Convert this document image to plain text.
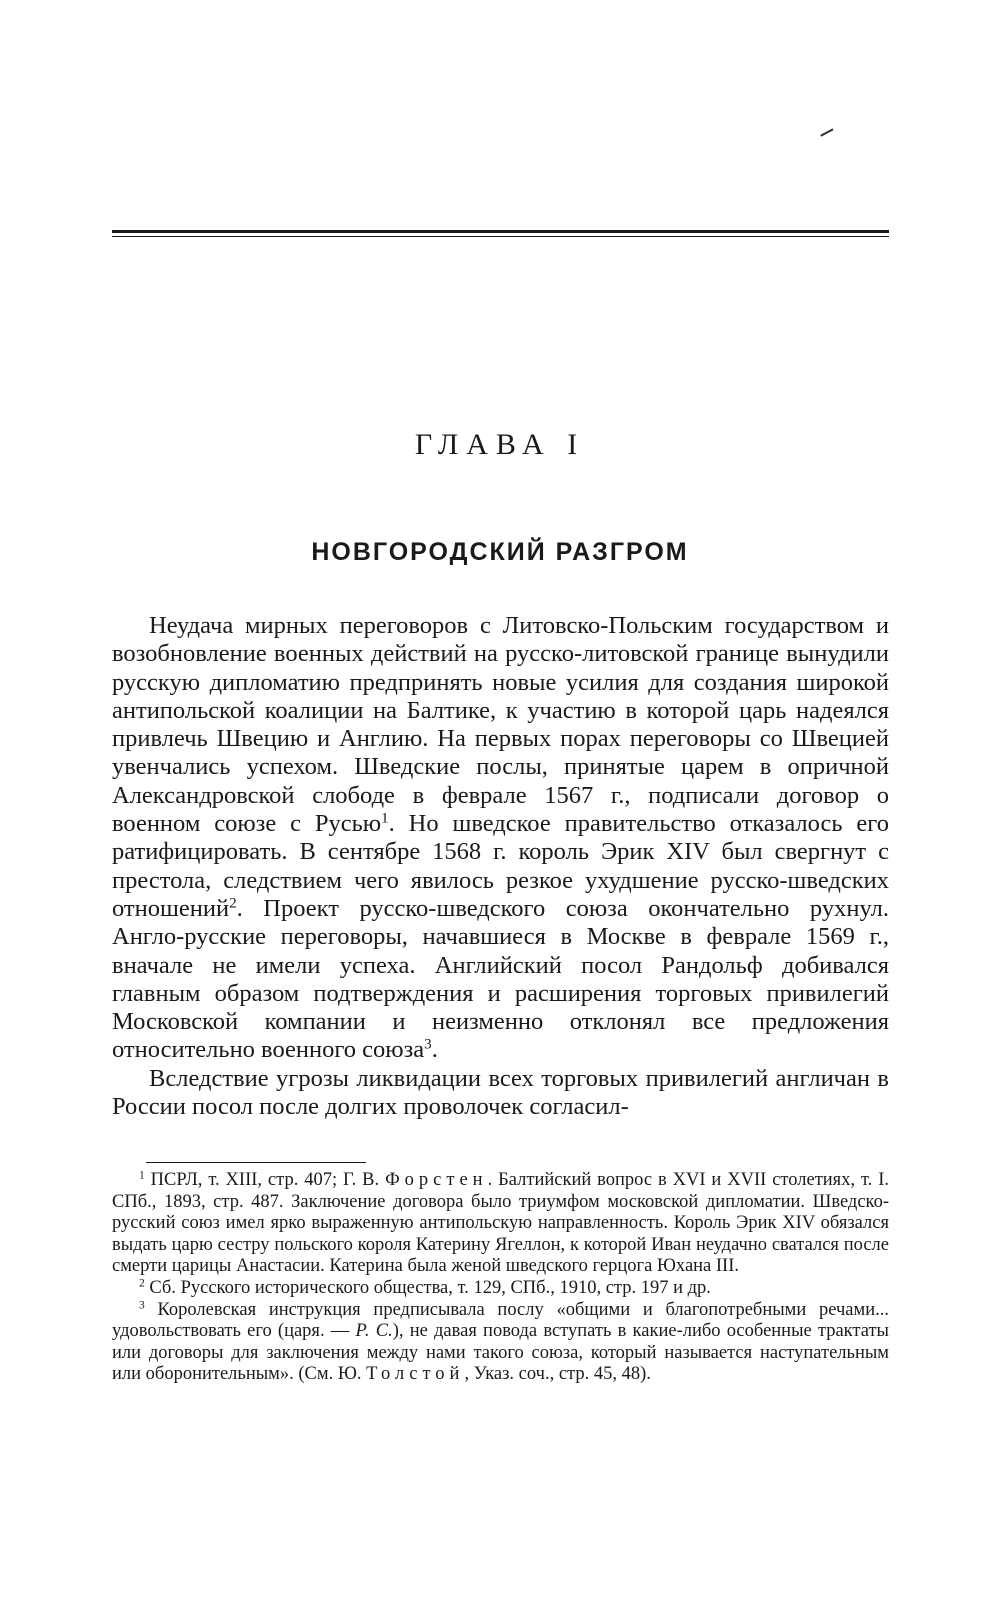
ГЛАВА I
НОВГОРОДСКИЙ РАЗГРОМ

Неудача мирных переговоров с Литовско-Польским государством и возобновление военных действий на русско-литовской границе вынудили русскую дипломатию предпринять новые усилия для создания широкой антипольской коалиции на Балтике, к участию в которой царь надеялся привлечь Швецию и Англию. На первых порах переговоры со Швецией увенчались успехом. Шведские послы, принятые царем в опричной Александровской слободе в феврале 1567 г., подписали договор о военном союзе с Русью$^1$. Но шведское правительство отказалось его ратифицировать. В сентябре 1568 г. король Эрик XIV был свергнут с престола, следствием чего явилось резкое ухудшение русско-шведских отношений$^2$. Проект русско-шведского союза окончательно рухнул. Англо-русские переговоры, начавшиеся в Москве в феврале 1569 г., вначале не имели успеха. Английский посол Рандольф добивался главным образом подтверждения и расширения торговых привилегий Московской компании и неизменно отклонял все предложения относительно военного союза$^3$.

Вследствие угрозы ликвидации всех торговых привилегий англичан в России посол после долгих проволочек согласил-

$^1$ ПСРЛ, т. XIII, стр. 407; Г. В. Форстен. Балтийский вопрос в XVI и XVII столетиях, т. I. СПб., 1893, стр. 487. Заключение договора было триумфом московской дипломатии. Шведско-русский союз имел ярко выраженную антипольскую направленность. Король Эрик XIV обязался выдать царю сестру польского короля Катерину Ягеллон, к которой Иван неудачно сватался после смерти царицы Анастасии. Катерина была женой шведского герцога Юхана III.

$^2$ Сб. Русского исторического общества, т. 129, СПб., 1910, стр. 197 и др.

$^3$ Королевская инструкция предписывала послу «общими и благопотребными речами... удовольствовать его (царя. — Р. С.), не давая повода вступать в какие-либо особенные трактаты или договоры для заключения между нами такого союза, который называется наступательным или оборонительным». (См. Ю. Толстой, Указ. соч., стр. 45, 48).
